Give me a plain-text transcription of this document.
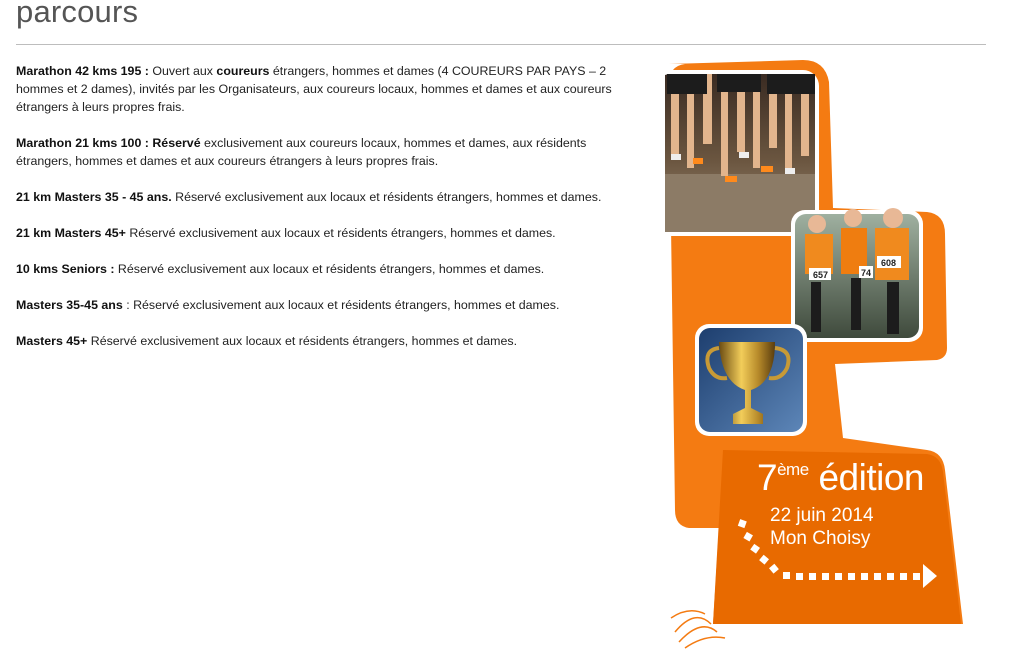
parcours

Marathon 42 kms 195 : Ouvert aux coureurs étrangers, hommes et dames (4 COUREURS PAR PAYS – 2 hommes et 2 dames), invités par les Organisateurs, aux coureurs locaux, hommes et dames et aux coureurs étrangers à leurs propres frais.

Marathon 21 kms 100 : Réservé exclusivement aux coureurs locaux, hommes et dames, aux résidents étrangers, hommes et dames et aux coureurs étrangers à leurs propres frais.

21 km Masters 35 - 45 ans. Réservé exclusivement aux locaux et résidents étrangers, hommes et dames.

21 km Masters 45+ Réservé exclusivement aux locaux et résidents étrangers, hommes et dames.

10 kms Seniors : Réservé exclusivement aux locaux et résidents étrangers, hommes et dames.

Masters 35-45 ans : Réservé exclusivement aux locaux et résidents étrangers, hommes et dames.

Masters 45+ Réservé exclusivement aux locaux et résidents étrangers, hommes et dames.

657	74
608
7ème édition
22 juin 2014
Mon Choisy
